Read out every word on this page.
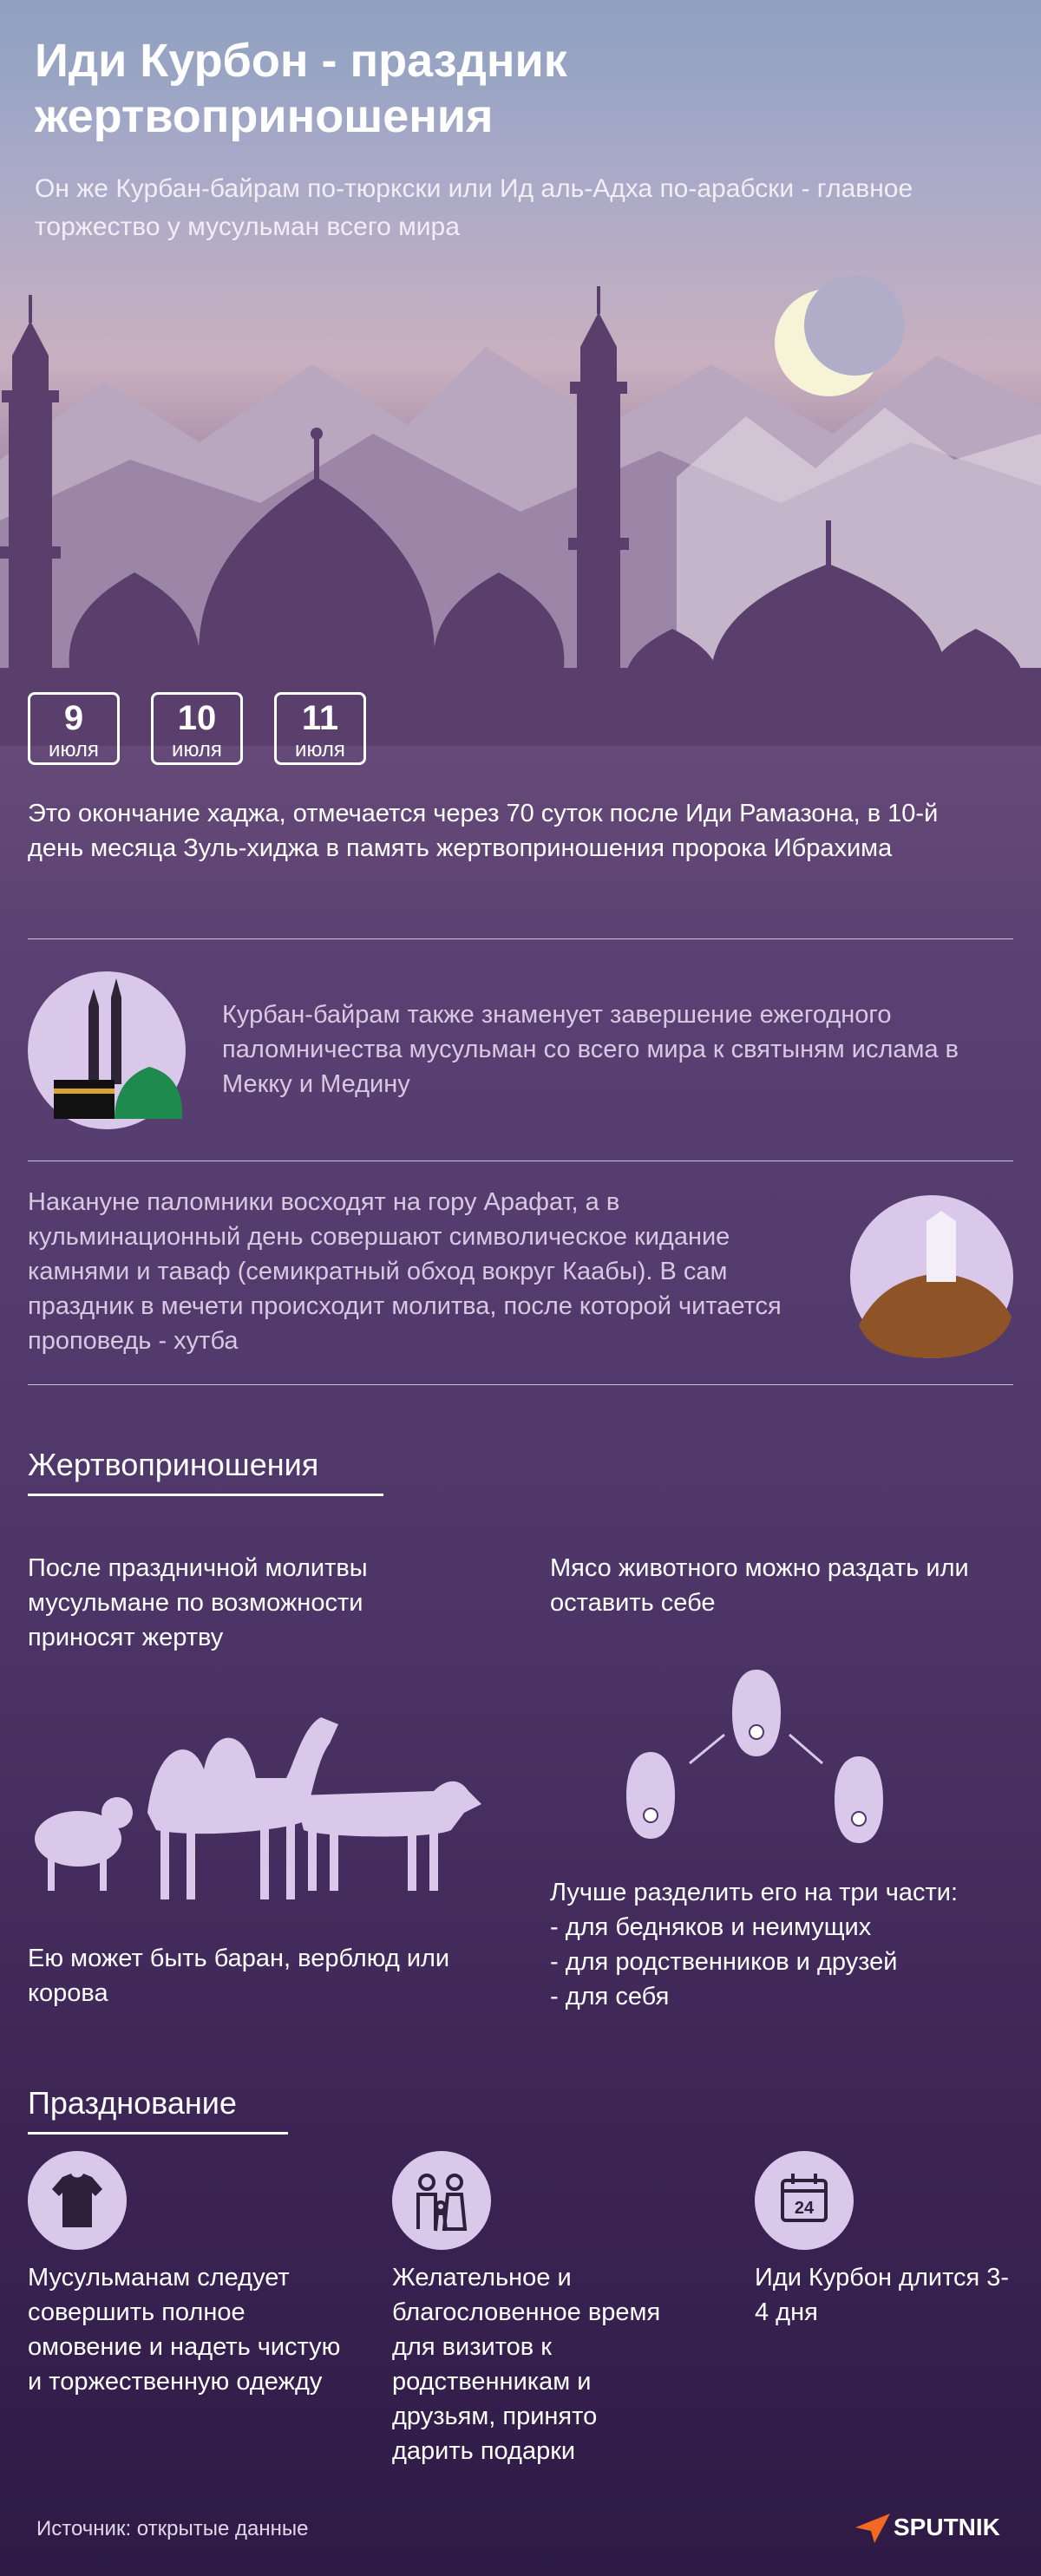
Иди Курбон - праздник жертвоприношения
Он же Курбан-байрам по-тюркски или Ид аль-Адха по-арабски - главное торжество у мусульман всего мира
9
июля
10
июля
11
июля
Это окончание хаджа, отмечается через 70 суток после Иди Рамазона, в 10-й день месяца Зуль-хиджа в память жертвоприношения пророка Ибрахима
Курбан-байрам также знаменует завершение ежегодного паломничества мусульман со всего мира к святыням ислама в Мекку и Медину
Накануне паломники восходят на гору Арафат, а в кульминационный день совершают символическое кидание камнями и таваф (семикратный обход вокруг Каабы). В сам праздник в мечети происходит молитва, после которой читается проповедь - хутба
Жертвоприношения
После праздничной молитвы мусульмане по возможности приносят жертву
Мясо животного можно раздать или оставить себе
Ею может быть баран, верблюд или корова
Лучше разделить его на три части:
- для бедняков и неимущих
- для родственников и друзей
- для себя
Празднование
24
Мусульманам следует совершить полное омовение и надеть чистую и торжественную одежду
Желательное и благословенное время для визитов к родственникам и друзьям, принято дарить подарки
Иди Курбон длится 3-4 дня
Источник: открытые данные	SPUTNIK
